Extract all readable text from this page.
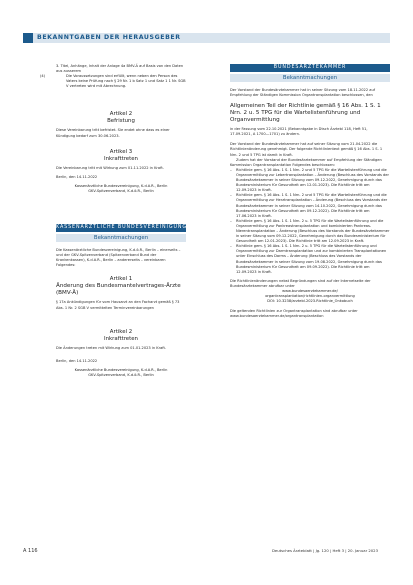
BEKANNTGABEN DER HERAUSGEBER

3. Titel, Anhänge, Inhalt der Anlage 4a BMV-Ä auf Basis von den Daten aus ausserem

(4)	Die Voraussetzungen sind erfüllt, wenn neben den Person des Vaters keine Prüfung nach § 29 Nr. 1 b Satz 1 und Satz 1 1 Nr. SGB V vertreten wird mit Abrechnung.

Artikel 2

Befristung

Diese Vereinbarung tritt befristet. Sie endet ohne dass es einer Kündigung bedarf zum 30.06.2023.

Artikel 3

Inkrafttreten

Die Vereinbarung tritt mit Wirkung zum 01.11.2022 in Kraft.

Berlin, den 14.11.2022

Kassenärztliche Bundesvereinigung, K.d.ö.R., Berlin

GKV-Spitzenverband, K.d.ö.R., Berlin

KASSENÄRZTLICHE BUNDESVEREINIGUNG
Bekanntmachungen

Die Kassenärztliche Bundesvereinigung, K.d.ö.R., Berlin – einerseits – und der GKV-Spitzenverband (Spitzenverband Bund der Krankenkassen), K.d.ö.R., Berlin – andererseits – vereinbaren Folgendes:

Artikel 1

Änderung des Bundesmantelvertrages-Ärzte (BMV-Ä)

§ 17a Ankündigungen für vom Hausarzt an den Facharzt gemäß § 73 Abs. 1 Nr. 2 SGB V vermittelten Terminvereinbarungen

Artikel 2

Inkrafttreten

Die Änderungen treten mit Wirkung zum 01.01.2023 in Kraft.

Berlin, den 14.11.2022

Kassenärztliche Bundesvereinigung, K.d.ö.R., Berlin

GKV-Spitzenverband, K.d.ö.R., Berlin

BUNDESÄRZTEKAMMER
Bekanntmachungen

Der Vorstand der Bundesärztekammer hat in seiner Sitzung vom 18.11.2022 auf Empfehlung der Ständigen Kommission Organtransplantation beschlossen, den

Allgemeinen Teil der Richtlinie gemäß § 16 Abs. 1 S. 1 Nrn. 2 u. 5 TPG für die Wartelistenführung und Organvermittlung

in der Fassung vom 22.10.2021 (Bekanntgabe in Dtsch Ärztebl 118, Heft 51, 17.09.2021, A 1700—1701) zu ändern.

Der Vorstand der Bundesärztekammer hat auf seiner Sitzung vom 21.04.2022 die Richtlinienänderung genehmigt. Der folgende Richtlinientext gemäß § 16 Abs. 1 S. 1 Nrn. 2 und 5 TPG ist damit in Kraft.

Zudem hat der Vorstand der Bundesärztekammer auf Empfehlung der Ständigen Kommission Organtransplantation Folgendes beschlossen:

– Richtlinie gem. § 16 Abs. 1 S. 1 Nrn. 2 und 5 TPG für die Wartelistenführung und die Organvermittlung zur Lebertransplantation – Änderung (Beschluss des Vorstands der Bundesärztekammer in seiner Sitzung vom 09.12.2022, Genehmigung durch das Bundesministerium für Gesundheit am 12.01.2023). Die Richtlinie tritt am 12.09.2023 in Kraft.

– Richtlinie gem. § 16 Abs. 1 S. 1 Nrn. 2 und 5 TPG für die Wartelistenführung und die Organvermittlung zur Herztransplantation – Änderung (Beschluss des Vorstands der Bundesärztekammer in seiner Sitzung vom 14.10.2022, Genehmigung durch das Bundesministerium für Gesundheit am 09.12.2022). Die Richtlinie tritt am 17.06.2023 in Kraft.

– Richtlinie gem. § 16 Abs. 1 S. 1 Nrn. 2 u. 5 TPG für die Wartelistenführung und die Organvermittlung zur Pankreastransplantation und kombinierten Pankreas-Nierentransplantation – Änderung (Beschluss des Vorstands der Bundesärztekammer in seiner Sitzung vom 09.12.2022, Genehmigung durch das Bundesministerium für Gesundheit am 12.01.2023). Die Richtlinie tritt am 12.09.2023 in Kraft.

– Richtlinie gem. § 16 Abs. 1 S. 1 Nrn. 2 u. 5 TPG für die Wartelistenführung und Organvermittlung zur Darmtransplantation und zur kombinierten Transplantationen unter Einschluss des Darms – Änderung (Beschluss des Vorstands der Bundesärztekammer in seiner Sitzung vom 19.08.2022, Genehmigung durch das Bundesministerium für Gesundheit am 09.09.2022). Die Richtlinie tritt am 12.09.2023 in Kraft.

Die Richtlinienänderungen nebst Begründungen sind auf der Internetseite der Bundesärztekammer abrufbar unter

www.bundesaerztekammer.de/

organtransplantation/richtlinien-organvermittlung

DOI: 10.3238/arztebl.2023.Richtlinie_Onkobuch

Die geltenden Richtlinien zur Organtransplantation sind abrufbar unter www.bundesaerztekammer.de/organtransplantation

A 116	Deutsches Ärzteblatt | Jg. 120 | Heft 3 | 20. Januar 2023
